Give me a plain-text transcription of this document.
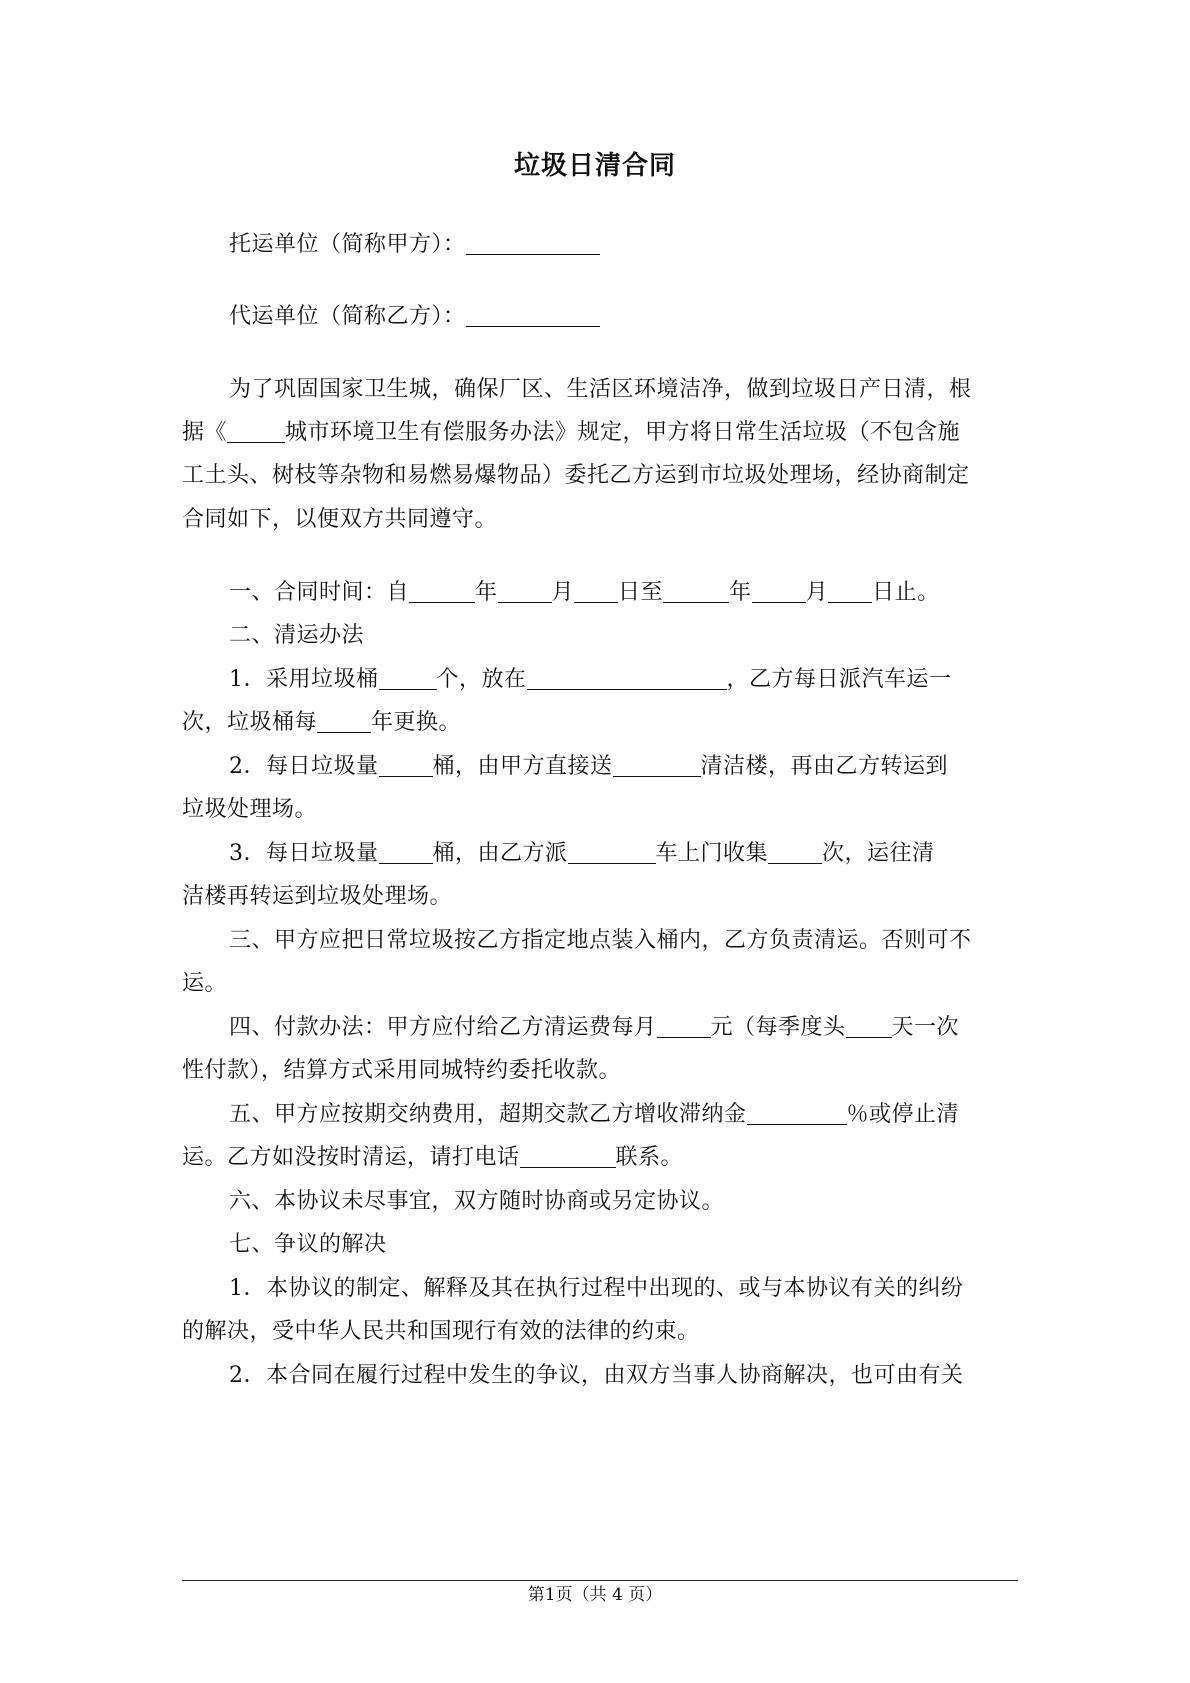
垃圾日清合同
托运单位（简称甲方）：
代运单位（简称乙方）：
为了巩固国家卫生城，确保厂区、生活区环境洁净，做到垃圾日产日清，根
据《	城市环境卫生有偿服务办法》规定，甲方将日常生活垃圾（不包含施
工土头、树枝等杂物和易燃易爆物品）委托乙方运到市垃圾处理场，经协商制定
合同如下，以便双方共同遵守。
一、合同时间：自	年 月 日至	年 月 日止。
二、清运办法
1．采用垃圾桶	个，放在	，乙方每日派汽车运一
次，垃圾桶每 年更换。
2．每日垃圾量 桶，由甲方直接送	清洁楼，再由乙方转运到
垃圾处理场。
3．每日垃圾量 桶，由乙方派	车上门收集 次，运往清
洁楼再转运到垃圾处理场。
三、甲方应把日常垃圾按乙方指定地点装入桶内，乙方负责清运。否则可不
运。
四、付款办法：甲方应付给乙方清运费每月 元（每季度头 天一次
性付款），结算方式采用同城特约委托收款。
五、甲方应按期交纳费用，超期交款乙方增收滞纳金	％或停止清
运。乙方如没按时清运，请打电话	联系。
六、本协议未尽事宜，双方随时协商或另定协议。
七、争议的解决
1．本协议的制定、解释及其在执行过程中出现的、或与本协议有关的纠纷
的解决，受中华人民共和国现行有效的法律的约束。
2．本合同在履行过程中发生的争议，由双方当事人协商解决，也可由有关
第1页（共 4 页）
